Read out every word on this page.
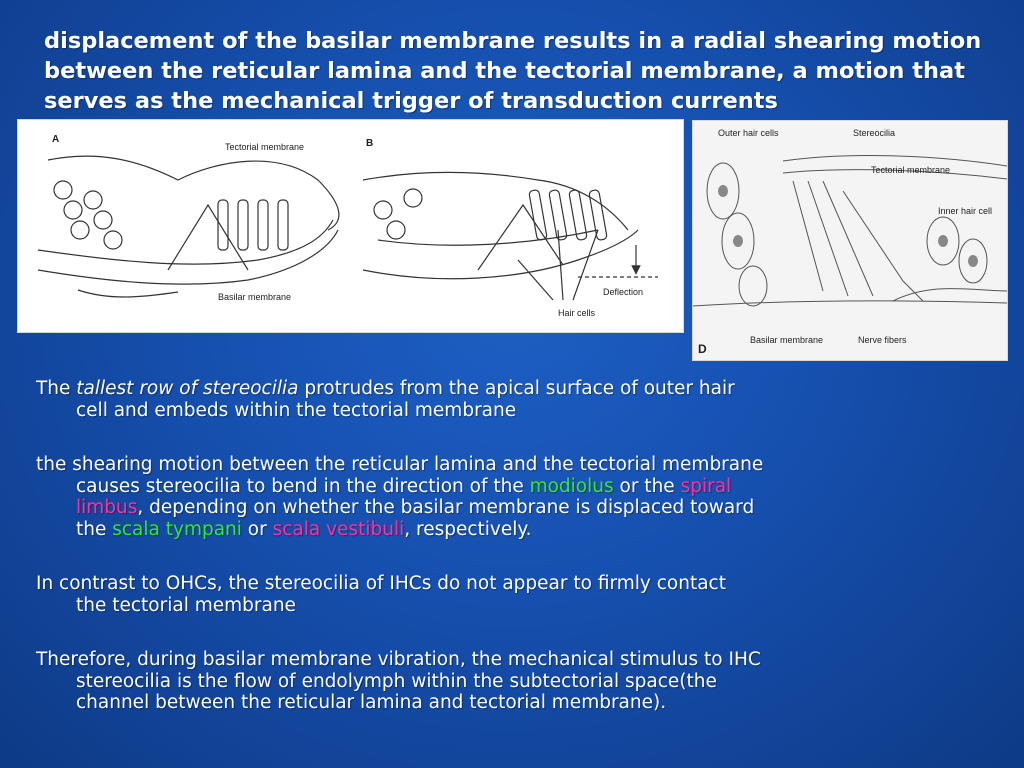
displacement of the basilar membrane results in a radial shearing motion
between the reticular lamina and the tectorial membrane, a motion that
serves as the mechanical trigger of transduction currents
A
Tectorial membrane
Basilar membrane
B
Deflection
Hair cells
Outer hair cells	Stereocilia
Tectorial membrane
Inner hair cell
D
Basilar membrane	Nerve fibers
The tallest row of stereocilia protrudes from the apical surface of outer hair
cell and embeds within the tectorial membrane
the shearing motion between the reticular lamina and the tectorial membrane
causes stereocilia to bend in the direction of the modiolus or the spiral
limbus, depending on whether the basilar membrane is displaced toward
the scala tympani or scala vestibuli, respectively.
In contrast to OHCs, the stereocilia of IHCs do not appear to firmly contact
the tectorial membrane
Therefore, during basilar membrane vibration, the mechanical stimulus to IHC
stereocilia is the flow of endolymph within the subtectorial space(the
channel between the reticular lamina and tectorial membrane).
